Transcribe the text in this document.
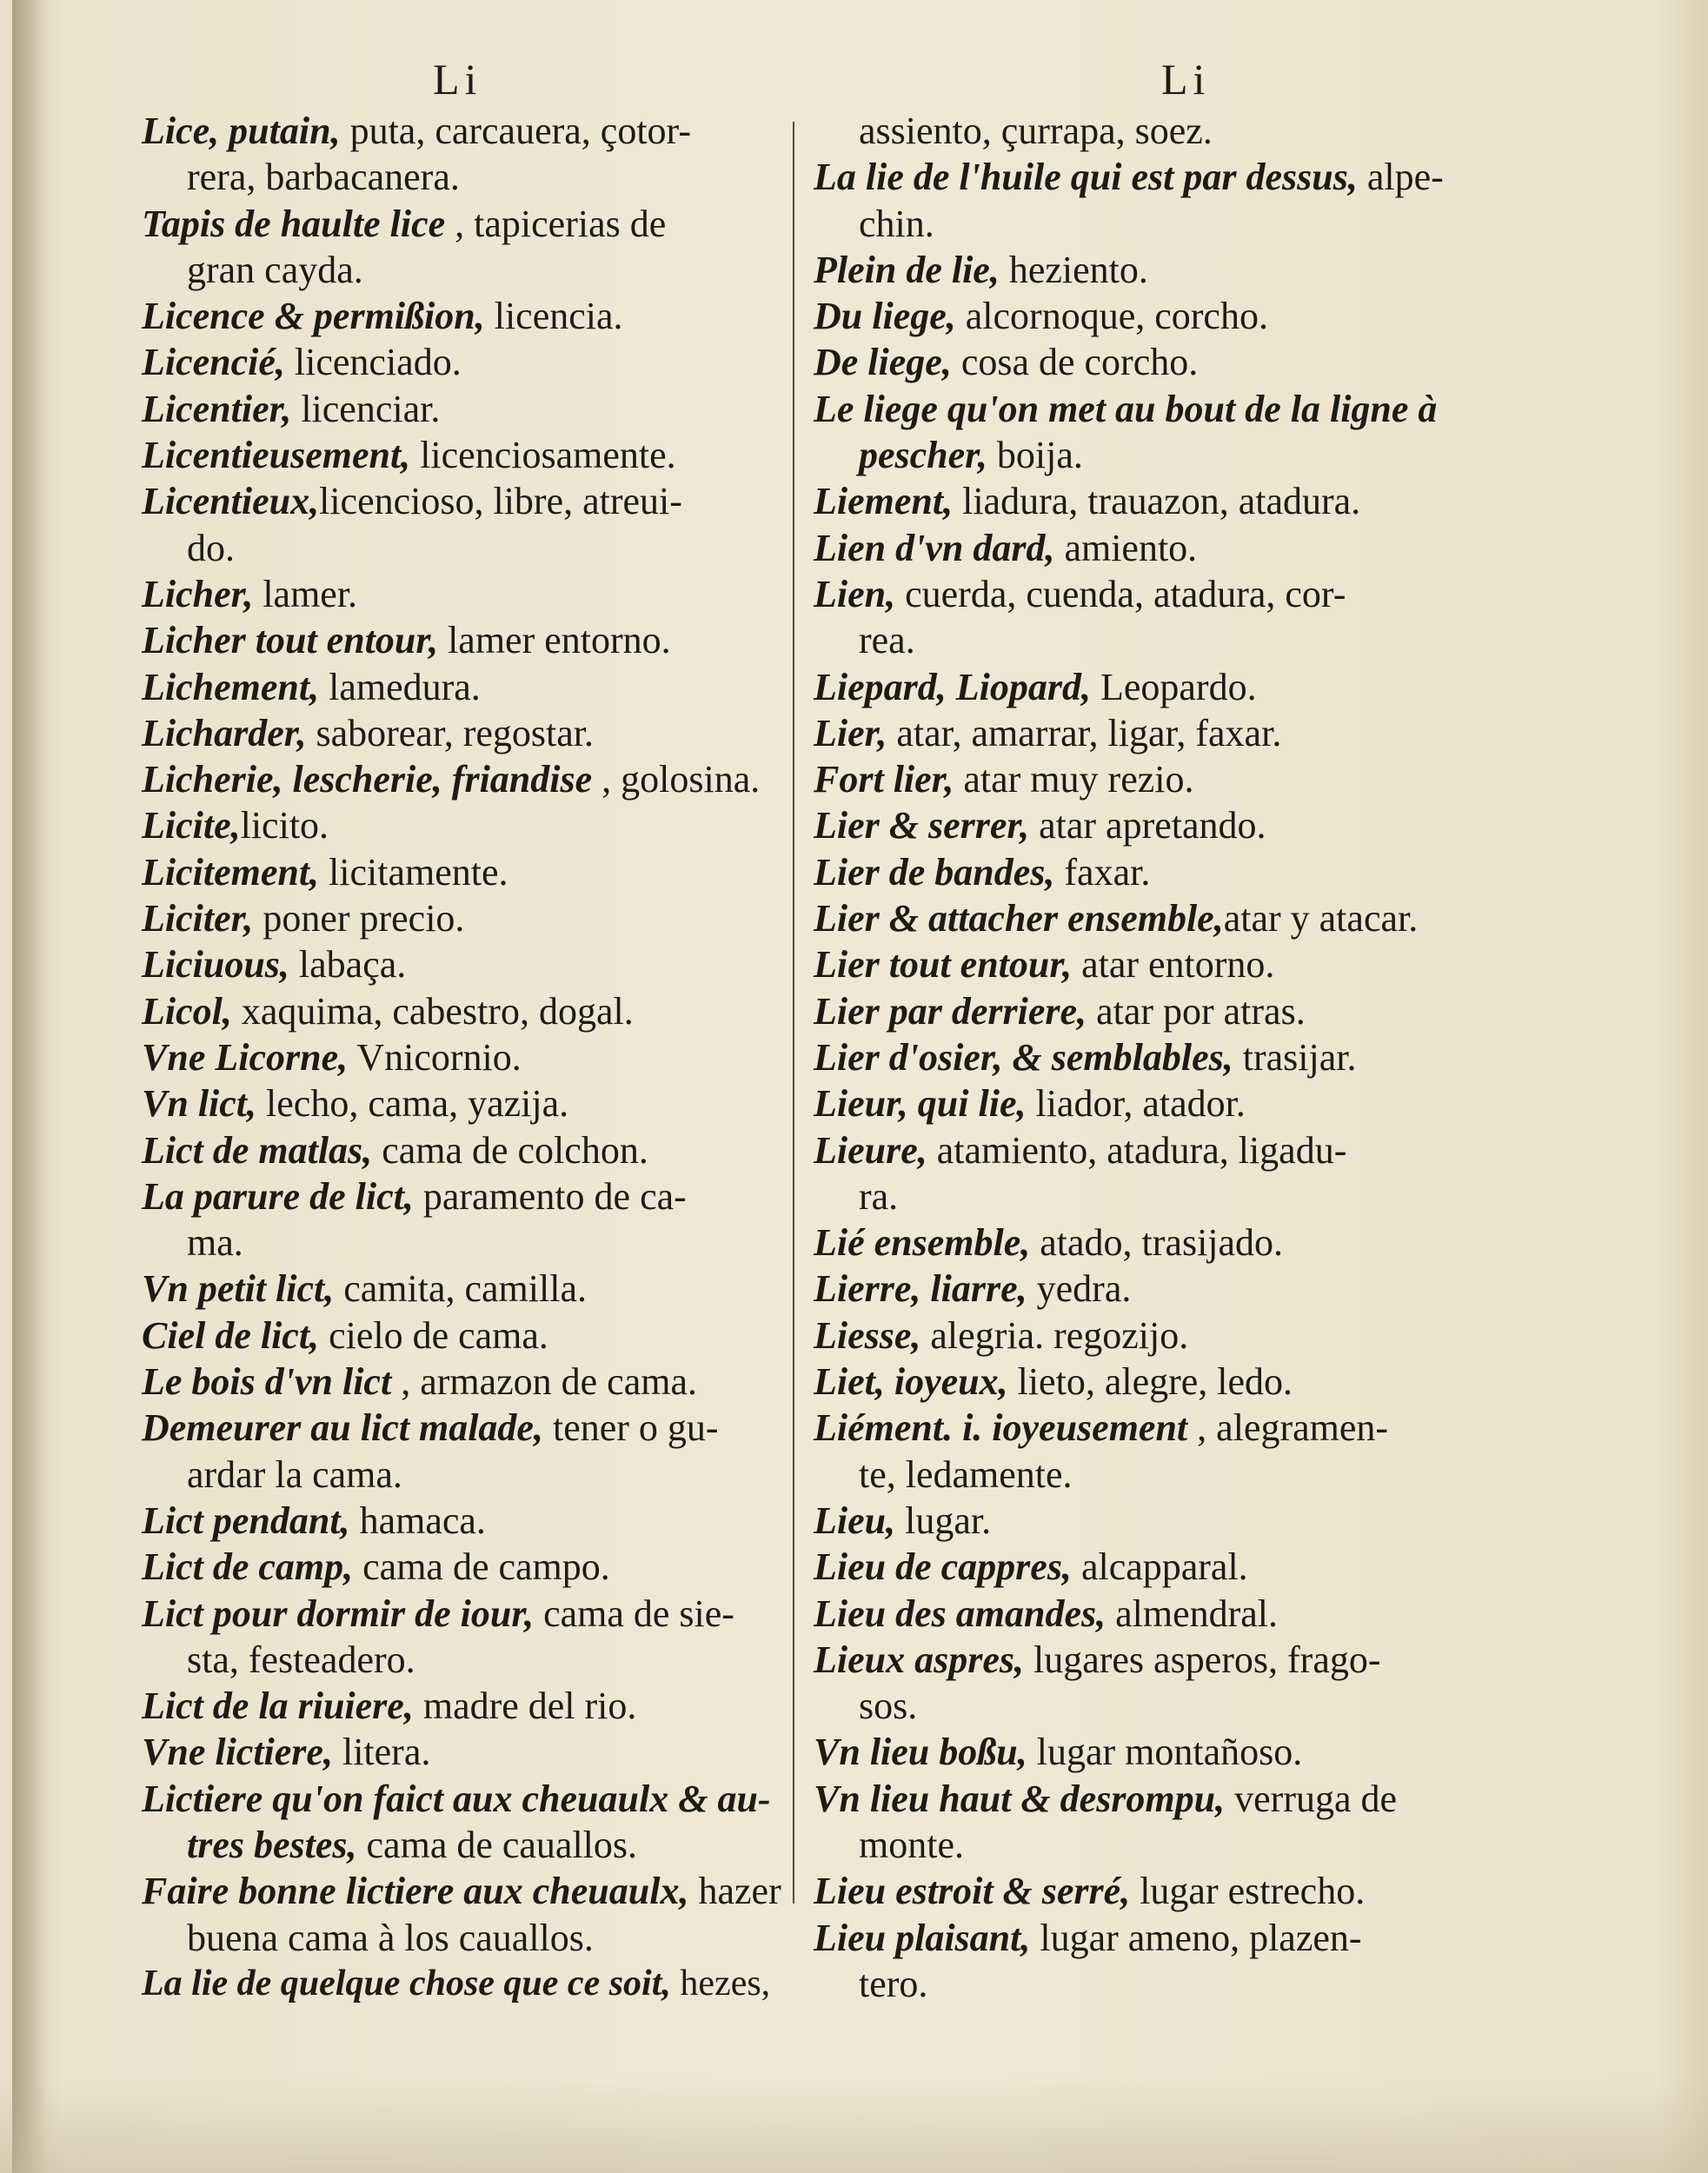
Li	Li
Lice, putain, puta, carcauera, çotor-
rera, barbacanera.
Tapis de haulte lice , tapicerias de
gran cayda.
Licence & permißion, licencia.
Licencié, licenciado.
Licentier, licenciar.
Licentieusement, licenciosamente.
Licentieux,licencioso, libre, atreui-
do.
Licher, lamer.
Licher tout entour, lamer entorno.
Lichement, lamedura.
Licharder, saborear, regostar.
Licherie, lescherie, friandise , golosina.
Licite,licito.
Licitement, licitamente.
Liciter, poner precio.
Liciuous, labaça.
Licol, xaquima, cabestro, dogal.
Vne Licorne, Vnicornio.
Vn lict, lecho, cama, yazija.
Lict de matlas, cama de colchon.
La parure de lict, paramento de ca-
ma.
Vn petit lict, camita, camilla.
Ciel de lict, cielo de cama.
Le bois d'vn lict , armazon de cama.
Demeurer au lict malade, tener o gu-
ardar la cama.
Lict pendant, hamaca.
Lict de camp, cama de campo.
Lict pour dormir de iour, cama de sie-
sta, festeadero.
Lict de la riuiere, madre del rio.
Vne lictiere, litera.
Lictiere qu'on faict aux cheuaulx & au-
tres bestes, cama de cauallos.
Faire bonne lictiere aux cheuaulx, hazer
buena cama à los cauallos.
La lie de quelque chose que ce soit, hezes,
assiento, çurrapa, soez.
La lie de l'huile qui est par dessus, alpe-
chin.
Plein de lie, heziento.
Du liege, alcornoque, corcho.
De liege, cosa de corcho.
Le liege qu'on met au bout de la ligne à
pescher, boija.
Liement, liadura, trauazon, atadura.
Lien d'vn dard, amiento.
Lien, cuerda, cuenda, atadura, cor-
rea.
Liepard, Liopard, Leopardo.
Lier, atar, amarrar, ligar, faxar.
Fort lier, atar muy rezio.
Lier & serrer, atar apretando.
Lier de bandes, faxar.
Lier & attacher ensemble,atar y atacar.
Lier tout entour, atar entorno.
Lier par derriere, atar por atras.
Lier d'osier, & semblables, trasijar.
Lieur, qui lie, liador, atador.
Lieure, atamiento, atadura, ligadu-
ra.
Lié ensemble, atado, trasijado.
Lierre, liarre, yedra.
Liesse, alegria. regozijo.
Liet, ioyeux, lieto, alegre, ledo.
Liément. i. ioyeusement , alegramen-
te, ledamente.
Lieu, lugar.
Lieu de cappres, alcapparal.
Lieu des amandes, almendral.
Lieux aspres, lugares asperos, frago-
sos.
Vn lieu boßu, lugar montañoso.
Vn lieu haut & desrompu, verruga de
monte.
Lieu estroit & serré, lugar estrecho.
Lieu plaisant, lugar ameno, plazen-
tero.
